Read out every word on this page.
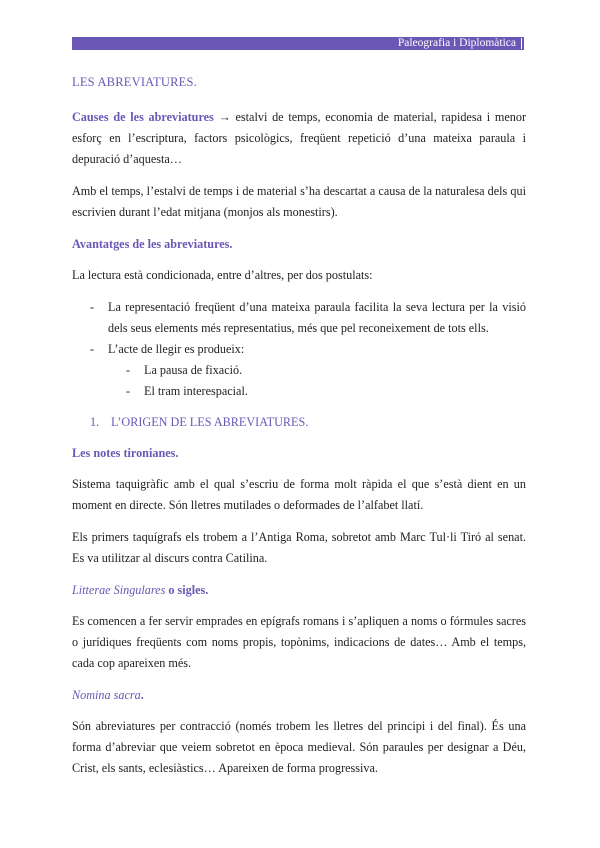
Paleografia i Diplomàtica
LES ABREVIATURES.

Causes de les abreviatures → estalvi de temps, economia de material, rapidesa i menor esforç en l’escriptura, factors psicològics, freqüent repetició d’una mateixa paraula i depuració d’aquesta…

Amb el temps, l’estalvi de temps i de material s’ha descartat a causa de la naturalesa dels qui escrivien durant l’edat mitjana (monjos als monestirs).

Avantatges de les abreviatures.

La lectura està condicionada, entre d’altres, per dos postulats:

- La representació freqüent d’una mateixa paraula facilita la seva lectura per la visió dels seus elements més representatius, més que pel reconeixement de tots ells.
- L’acte de llegir es produeix:
- La pausa de fixació.
- El tram interespacial.
1. L’ORIGEN DE LES ABREVIATURES.
Les notes tironianes.

Sistema taquigràfic amb el qual s’escriu de forma molt ràpida el que s’està dient en un moment en directe. Són lletres mutilades o deformades de l’alfabet llatí.

Els primers taquígrafs els trobem a l’Antiga Roma, sobretot amb Marc Tul·li Tiró al senat. Es va utilitzar al discurs contra Catilina.

Litterae Singulares o sigles.

Es comencen a fer servir emprades en epígrafs romans i s’apliquen a noms o fórmules sacres o jurídiques freqüents com noms propis, topònims, indicacions de dates… Amb el temps, cada cop apareixen més.

Nomina sacra.

Són abreviatures per contracció (només trobem les lletres del principi i del final). És una forma d’abreviar que veiem sobretot en època medieval. Són paraules per designar a Déu, Crist, els sants, eclesiàstics… Apareixen de forma progressiva.
